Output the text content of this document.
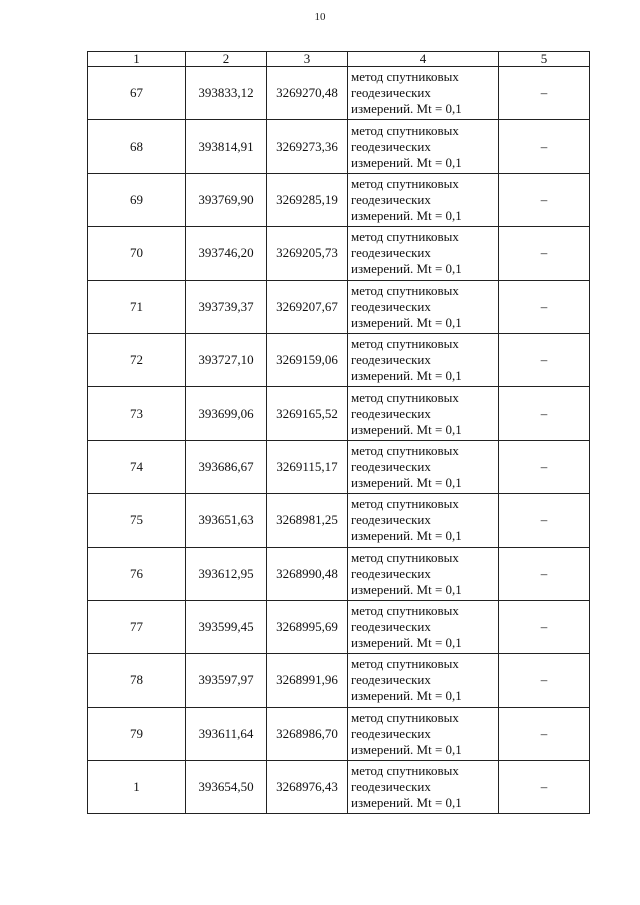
10
1	2	3	4	5
67	393833,12	3269270,48	метод спутниковых
геодезических
измерений. Mt = 0,1	–
68	393814,91	3269273,36	метод спутниковых
геодезических
измерений. Mt = 0,1	–
69	393769,90	3269285,19	метод спутниковых
геодезических
измерений. Mt = 0,1	–
70	393746,20	3269205,73	метод спутниковых
геодезических
измерений. Mt = 0,1	–
71	393739,37	3269207,67	метод спутниковых
геодезических
измерений. Mt = 0,1	–
72	393727,10	3269159,06	метод спутниковых
геодезических
измерений. Mt = 0,1	–
73	393699,06	3269165,52	метод спутниковых
геодезических
измерений. Mt = 0,1	–
74	393686,67	3269115,17	метод спутниковых
геодезических
измерений. Mt = 0,1	–
75	393651,63	3268981,25	метод спутниковых
геодезических
измерений. Mt = 0,1	–
76	393612,95	3268990,48	метод спутниковых
геодезических
измерений. Mt = 0,1	–
77	393599,45	3268995,69	метод спутниковых
геодезических
измерений. Mt = 0,1	–
78	393597,97	3268991,96	метод спутниковых
геодезических
измерений. Mt = 0,1	–
79	393611,64	3268986,70	метод спутниковых
геодезических
измерений. Mt = 0,1	–
1	393654,50	3268976,43	метод спутниковых
геодезических
измерений. Mt = 0,1	–
